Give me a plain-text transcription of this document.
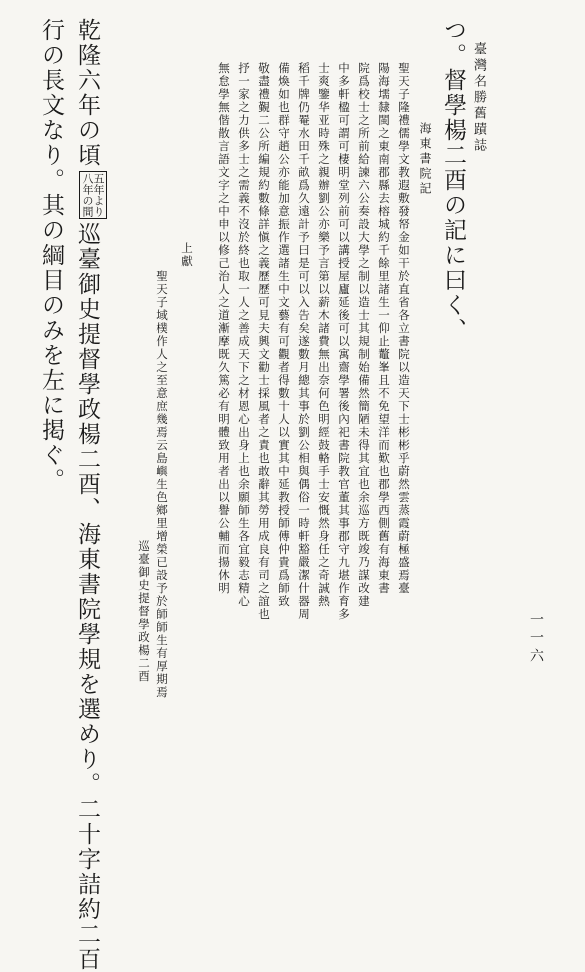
臺灣名勝舊蹟誌
一一六
つ。督學楊二酉の記に曰く、
海東書院記
聖天子隆禮儒學文教遐敷發帑金如干於直省各立書院以造天下士彬彬乎蔚然雲蒸霞蔚極盛焉臺
陽海壖隸閩之東南郡縣去榕城約千餘里諸生一仰止鼇峯且不免望洋而歎也郡學西側舊有海東書
院爲校士之所前給諫六公奏設大學之制以造士其規制始備然簡陋未得其宜也余巡方既竣乃謀改建
中多軒楹可謂可棲明堂列前可以講授屋廬延後可以寓齋學署後內祀書院教官董其事郡守九堪作育多
士爽鑒华亚時殊之親辦劉公亦樂予言第以薪木諸費無出奈何色明經鼓輅手士安慨然身任之奇誠熱
稻千牌仍罨水田千畝爲久遠計予曰是可以入告矣遂數月總其事於劉公相與偶俗一時軒豁嚴潔什器周
備煥如也群守趙公亦能加意振作選諸生中文藝有可觀者得數十人以實其中延教授師傅仲貴爲師致
敬盡禮覲二公所編規約數條詳愼之義歷歷可見夫興文勸士採風者之責也敢辭其勞用成良有司之誼也
抒一家之力供多士之需義不沒於終也取一人之善成天下之材恩心出身上也余願師生各宜毅志精心
無怠學無偕散言語文字之中申以修己治人之道漸摩既久篤必有明體致用者出以譽公輔而揚休明
上獻
聖天子域樸作人之至意庶幾焉云島嶼生色鄉里增榮已設予於師師生有厚期焉
巡臺御史提督學政楊二酉
乾隆六年の頃
五年より
八年の間
巡臺御史提督學政楊二酉、海東書院學規を選めり。二十字詰約二百
行の長文なり。其の綱目のみを左に掲ぐ。
